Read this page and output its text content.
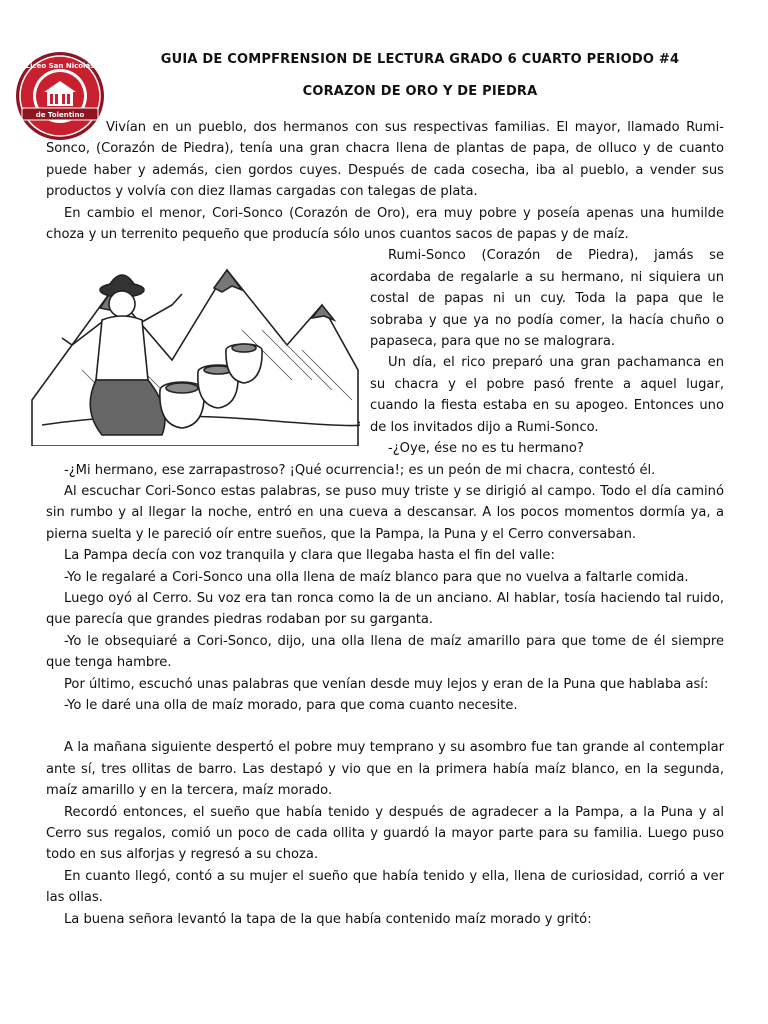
Liceo San Nicolás
de Tolentino
GUIA DE COMPFRENSION DE LECTURA GRADO 6 CUARTO PERIODO #4
CORAZON DE ORO Y DE PIEDRA

Vivían en un pueblo, dos hermanos con sus respectivas familias. El mayor, llamado Rumi-Sonco, (Corazón de Piedra), tenía una gran chacra llena de plantas de papa, de olluco y de cuanto puede haber y además, cien gordos cuyes. Después de cada cosecha, iba al pueblo, a vender sus productos y volvía con diez llamas cargadas con talegas de plata.

En cambio el menor, Cori-Sonco (Corazón de Oro), era muy pobre y poseía apenas una humilde choza y un terrenito pequeño que producía sólo unos cuantos sacos de papas y de maíz.

Rumi-Sonco (Corazón de Piedra), jamás se acordaba de regalarle a su hermano, ni siquiera un costal de papas ni un cuy. Toda la papa que le sobraba y que ya no podía comer, la hacía chuño o papaseca, para que no se malograra.

Un día, el rico preparó una gran pachamanca en su chacra y el pobre pasó frente a aquel lugar, cuando la fiesta estaba en su apogeo. Entonces uno de los invitados dijo a Rumi-Sonco.

-¿Oye, ése no es tu hermano?

-¿Mi hermano, ese zarrapastroso? ¡Qué ocurrencia!; es un peón de mi chacra, contestó él.

Al escuchar Cori-Sonco estas palabras, se puso muy triste y se dirigió al campo. Todo el día caminó sin rumbo y al llegar la noche, entró en una cueva a descansar. A los pocos momentos dormía ya, a pierna suelta y le pareció oír entre sueños, que la Pampa, la Puna y el Cerro conversaban.

La Pampa decía con voz tranquila y clara que llegaba hasta el fin del valle:

-Yo le regalaré a Cori-Sonco una olla llena de maíz blanco para que no vuelva a faltarle comida.

Luego oyó al Cerro. Su voz era tan ronca como la de un anciano. Al hablar, tosía haciendo tal ruido, que parecía que grandes piedras rodaban por su garganta.

-Yo le obsequiaré a Cori-Sonco, dijo, una olla llena de maíz amarillo para que tome de él siempre que tenga hambre.

Por último, escuchó unas palabras que venían desde muy lejos y eran de la Puna que hablaba así:

-Yo le daré una olla de maíz morado, para que coma cuanto necesite.

A la mañana siguiente despertó el pobre muy temprano y su asombro fue tan grande al contemplar ante sí, tres ollitas de barro. Las destapó y vio que en la primera había maíz blanco, en la segunda, maíz amarillo y en la tercera, maíz morado.

Recordó entonces, el sueño que había tenido y después de agradecer a la Pampa, a la Puna y al Cerro sus regalos, comió un poco de cada ollita y guardó la mayor parte para su familia. Luego puso todo en sus alforjas y regresó a su choza.

En cuanto llegó, contó a su mujer el sueño que había tenido y ella, llena de curiosidad, corrió a ver las ollas.

La buena señora levantó la tapa de la que había contenido maíz morado y gritó:
